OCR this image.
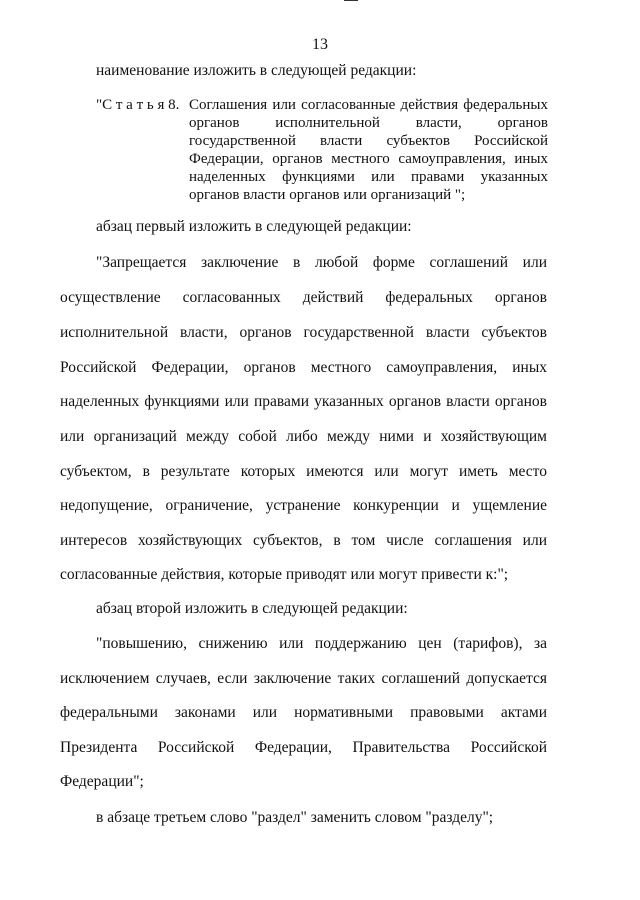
13
наименование изложить в следующей редакции:
"С т а т ь я 8. Соглашения или согласованные действия федеральных
органов исполнительной власти, органов
государственной власти субъектов Российской
Федерации, органов местного самоуправления, иных
наделенных функциями или правами указанных
органов власти органов или организаций ";
абзац первый изложить в следующей редакции:
"Запрещается заключение в любой форме соглашений или
осуществление согласованных действий федеральных органов
исполнительной власти, органов государственной власти субъектов
Российской Федерации, органов местного самоуправления, иных
наделенных функциями или правами указанных органов власти органов
или организаций между собой либо между ними и хозяйствующим
субъектом, в результате которых имеются или могут иметь место
недопущение, ограничение, устранение конкуренции и ущемление
интересов хозяйствующих субъектов, в том числе соглашения или
согласованные действия, которые приводят или могут привести к:";
абзац второй изложить в следующей редакции:
"повышению, снижению или поддержанию цен (тарифов), за
исключением случаев, если заключение таких соглашений допускается
федеральными законами или нормативными правовыми актами
Президента Российской Федерации, Правительства Российской
Федерации";
в абзаце третьем слово "раздел" заменить словом "разделу";
